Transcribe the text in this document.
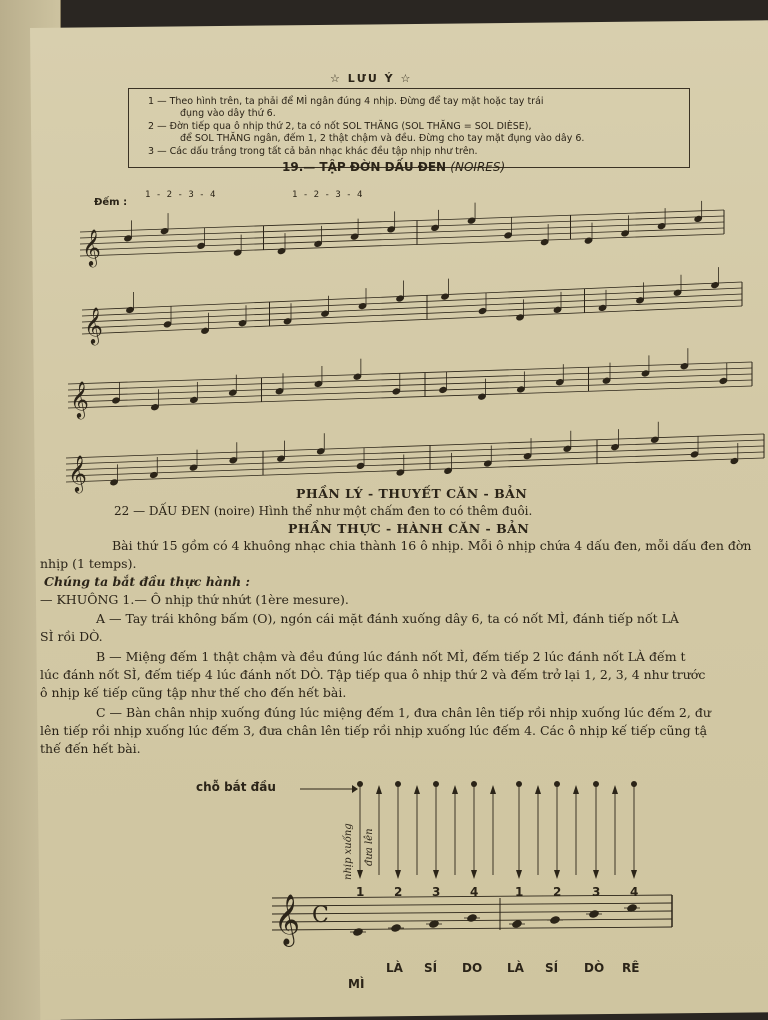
☆ LƯU Ý ☆
1 — Theo hình trên, ta phải để MÌ ngân đúng 4 nhịp. Đừng để tay mặt hoặc tay trái
đụng vào dây thứ 6.
2 — Đờn tiếp qua ô nhịp thứ 2, ta có nốt SOL THĂNG (SOL THĂNG = SOL DIÈSE),
để SOL THĂNG ngân, đếm 1, 2 thật chậm và đều. Đừng cho tay mặt đụng vào dây 6.
3 — Các dấu trắng trong tất cả bản nhạc khác đều tập nhịp như trên.
19.— TẬP ĐỜN DẤU ĐEN (NOIRES)
Đếm :
1 - 2 - 3 - 4	1 - 2 - 3 - 4
𝄞
𝄞
𝄞
𝄞
PHẦN LÝ - THUYẾT CĂN - BẢN
22 — DẤU ĐEN (noire) Hình thể như một chấm đen to có thêm đuôi.
PHẦN THỰC - HÀNH CĂN - BẢN
Bài thứ 15 gồm có 4 khuông nhạc chia thành 16 ô nhịp. Mỗi ô nhịp chứa 4 dấu đen, mỗi dấu đen đờn
nhịp (1 temps).
Chúng ta bắt đầu thực hành :
— KHUÔNG 1.— Ô nhịp thứ nhứt (1ère mesure).
A — Tay trái không bấm (O), ngón cái mặt đánh xuống dây 6, ta có nốt MÌ, đánh tiếp nốt LÀ
SÌ rồi DÒ.
B — Miệng đếm 1 thật chậm và đều đúng lúc đánh nốt MÌ, đếm tiếp 2 lúc đánh nốt LÀ đếm t
lúc đánh nốt SÌ, đếm tiếp 4 lúc đánh nốt DÒ. Tập tiếp qua ô nhịp thứ 2 và đếm trở lại 1, 2, 3, 4 như trước
ô nhịp kế tiếp cũng tập như thế cho đến hết bài.
C — Bàn chân nhịp xuống đúng lúc miệng đếm 1, đưa chân lên tiếp rồi nhịp xuống lúc đếm 2, đư
lên tiếp rồi nhịp xuống lúc đếm 3, đưa chân lên tiếp rồi nhịp xuống lúc đếm 4. Các ô nhịp kế tiếp cũng tậ
thế đến hết bài.
chỗ bắt đầu
nhịp xuống đưa lên
𝄞 C
1
MÌ
2
LÀ
3
SÍ
4
DO
1
LÀ
2
SÍ
3
DÒ
4
RÊ
